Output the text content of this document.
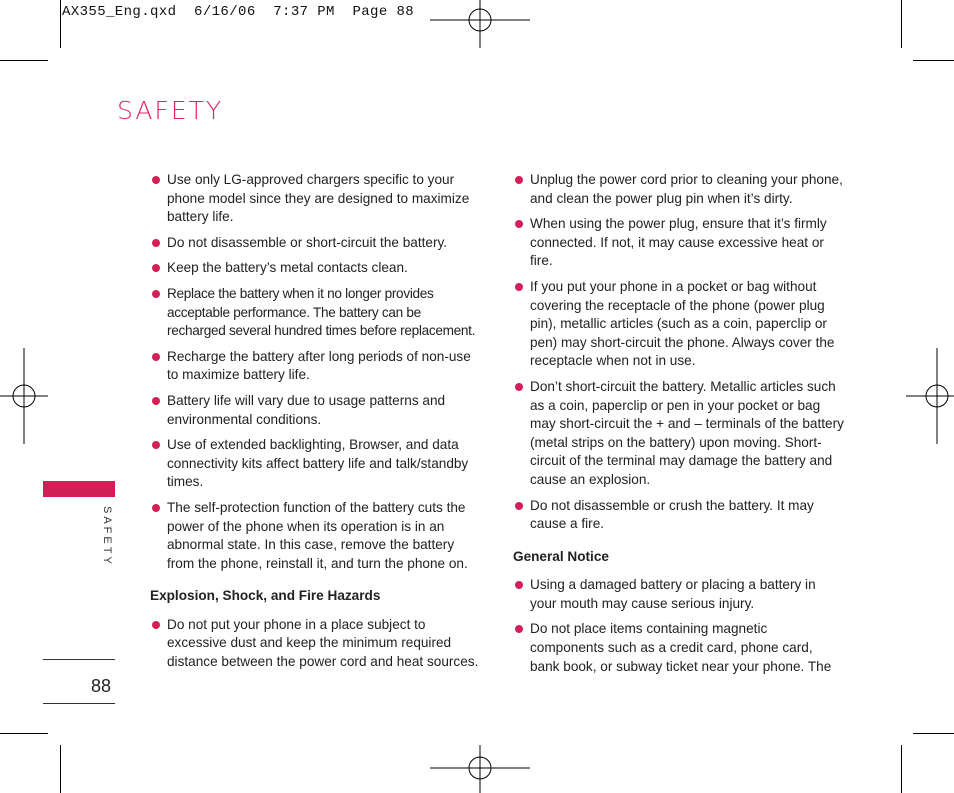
AX355_Eng.qxd  6/16/06  7:37 PM  Page 88
SAFETY
SAFETY
88
Use only LG-approved chargers specific to your phone model since they are designed to maximize battery life.
Do not disassemble or short-circuit the battery.
Keep the battery’s metal contacts clean.
Replace the battery when it no longer provides acceptable performance. The battery can be recharged several hundred times before replacement.
Recharge the battery after long periods of non-use to maximize battery life.
Battery life will vary due to usage patterns and environmental conditions.
Use of extended backlighting, Browser, and data connectivity kits affect battery life and talk/standby times.
The self-protection function of the battery cuts the power of the phone when its operation is in an abnormal state. In this case, remove the battery from the phone, reinstall it, and turn the phone on.
Explosion, Shock, and Fire Hazards
Do not put your phone in a place subject to excessive dust and keep the minimum required distance between the power cord and heat sources.
Unplug the power cord prior to cleaning your phone, and clean the power plug pin when it’s dirty.
When using the power plug, ensure that it’s firmly connected. If not, it may cause excessive heat or fire.
If you put your phone in a pocket or bag without covering the receptacle of the phone (power plug pin), metallic articles (such as a coin, paperclip or pen) may short-circuit the phone. Always cover the receptacle when not in use.
Don’t short-circuit the battery. Metallic articles such as a coin, paperclip or pen in your pocket or bag may short-circuit the + and – terminals of the battery (metal strips on the battery) upon moving. Short-circuit of the terminal may damage the battery and cause an explosion.
Do not disassemble or crush the battery. It may cause a fire.
General Notice
Using a damaged battery or placing a battery in your mouth may cause serious injury.
Do not place items containing magnetic components such as a credit card, phone card, bank book, or subway ticket near your phone. The
